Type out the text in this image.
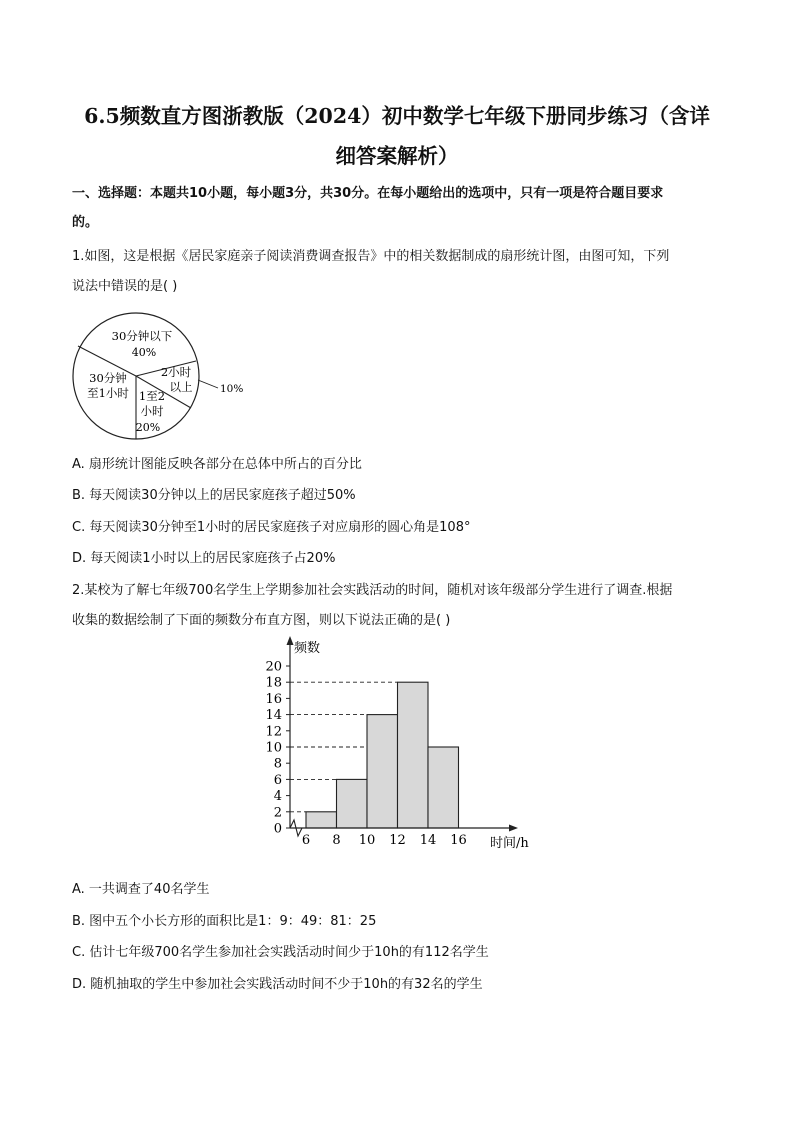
6.5频数直方图浙教版（2024）初中数学七年级下册同步练习（含详
细答案解析）
一、选择题：本题共10小题，每小题3分，共30分。在每小题给出的选项中，只有一项是符合题目要求
的。
1.如图，这是根据《居民家庭亲子阅读消费调查报告》中的相关数据制成的扇形统计图，由图可知，下列
说法中错误的是( )
30分钟以下
40%
30分钟
至1小时 1至2
小时
20%
2小时
以上	10%
A. 扇形统计图能反映各部分在总体中所占的百分比
B. 每天阅读30分钟以上的居民家庭孩子超过50%
C. 每天阅读30分钟至1小时的居民家庭孩子对应扇形的圆心角是108°
D. 每天阅读1小时以上的居民家庭孩子占20%
2.某校为了解七年级700名学生上学期参加社会实践活动的时间，随机对该年级部分学生进行了调查.根据
收集的数据绘制了下面的频数分布直方图，则以下说法正确的是( )
0
2
4
6
8
10
12
14
16
18
20
6 8 10 12 14 16
频数
时间/h
A. 一共调查了40名学生
B. 图中五个小长方形的面积比是1：9：49：81：25
C. 估计七年级700名学生参加社会实践活动时间少于10h的有112名学生
D. 随机抽取的学生中参加社会实践活动时间不少于10h的有32名的学生
